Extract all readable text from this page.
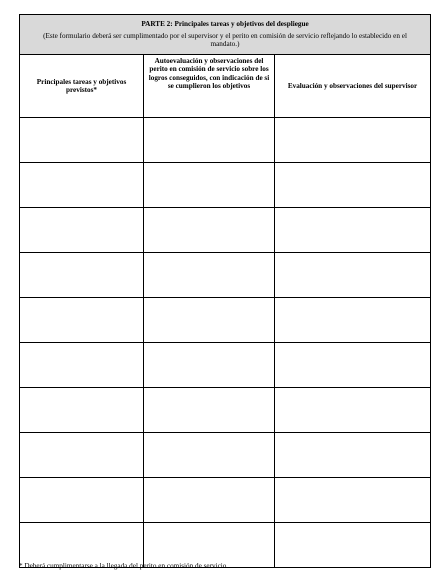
PARTE 2: Principales tareas y objetivos del despliegue
(Este formulario deberá ser cumplimentado por el supervisor y el perito en comisión de servicio reflejando lo establecido en el mandato.)		

Principales tareas y objetivos previstos*	Autoevaluación y observaciones del perito en comisión de servicio sobre los logros conseguidos, con indicación de si se cumplieron los objetivos	Evaluación y observaciones del supervisor

* Deberá cumplimentarse a la llegada del perito en comisión de servicio.
